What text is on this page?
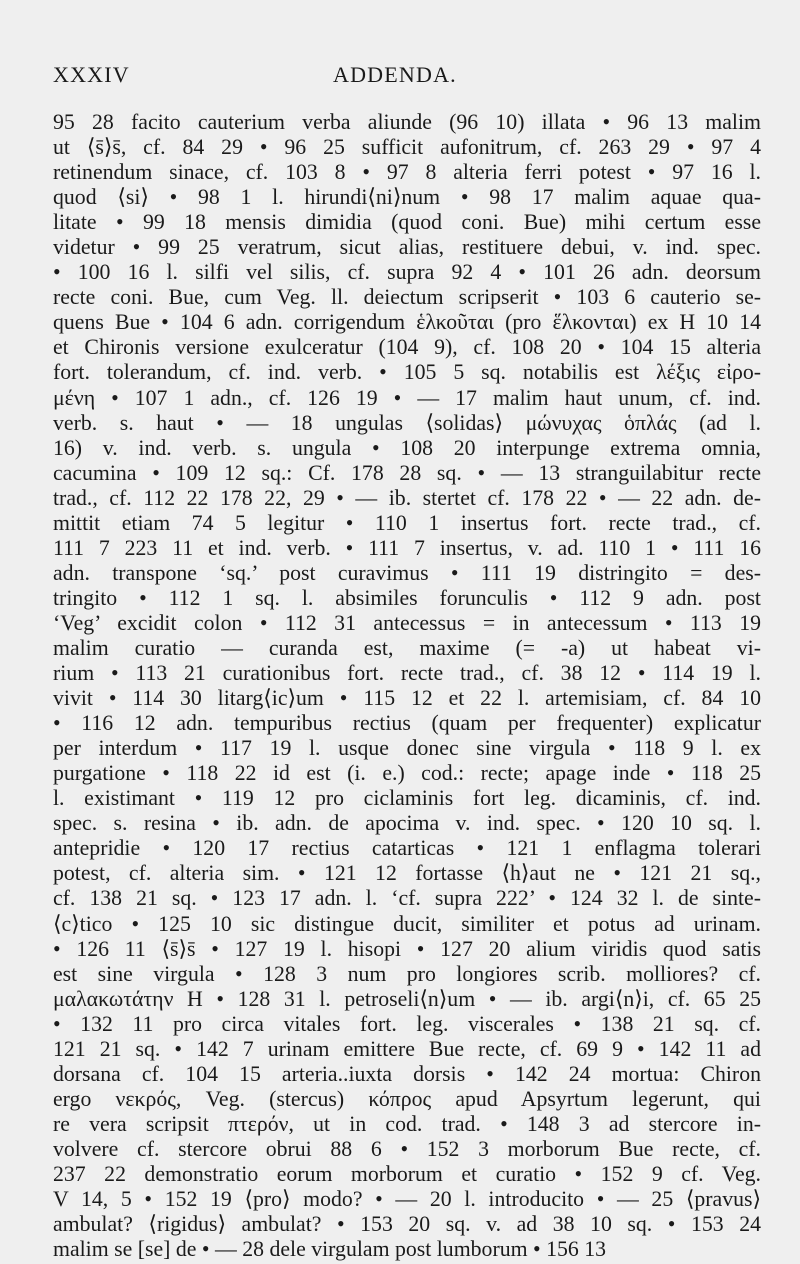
XXXIV	ADDENDA.
95 28 facito cauterium verba aliunde (96 10) illata • 96 13 malim
ut ⟨s̄⟩s̄, cf. 84 29 • 96 25 sufficit aufonitrum, cf. 263 29 • 97 4
retinendum sinace, cf. 103 8 • 97 8 alteria ferri potest • 97 16 l.
quod ⟨si⟩ • 98 1 l. hirundi⟨ni⟩num • 98 17 malim aquae qua-
litate • 99 18 mensis dimidia (quod coni. Bue) mihi certum esse
videtur • 99 25 veratrum, sicut alias, restituere debui, v. ind. spec.
• 100 16 l. silfi vel silis, cf. supra 92 4 • 101 26 adn. deorsum
recte coni. Bue, cum Veg. ll. deiectum scripserit • 103 6 cauterio se-
quens Bue • 104 6 adn. corrigendum ἑλκοῦται (pro ἕλκονται) ex H 10 14
et Chironis versione exulceratur (104 9), cf. 108 20 • 104 15 alteria
fort. tolerandum, cf. ind. verb. • 105 5 sq. notabilis est λέξις εἰρο-
μένη • 107 1 adn., cf. 126 19 • — 17 malim haut unum, cf. ind.
verb. s. haut • — 18 ungulas ⟨solidas⟩ μώνυχας ὁπλάς (ad l.
16) v. ind. verb. s. ungula • 108 20 interpunge extrema omnia,
cacumina • 109 12 sq.: Cf. 178 28 sq. • — 13 stranguilabitur recte
trad., cf. 112 22 178 22, 29 • — ib. stertet cf. 178 22 • — 22 adn. de-
mittit etiam 74 5 legitur • 110 1 insertus fort. recte trad., cf.
111 7 223 11 et ind. verb. • 111 7 insertus, v. ad. 110 1 • 111 16
adn. transpone ‘sq.’ post curavimus • 111 19 distringito = des-
tringito • 112 1 sq. l. absimiles forunculis • 112 9 adn. post
‘Veg’ excidit colon • 112 31 antecessus = in antecessum • 113 19
malim curatio — curanda est, maxime (= -a) ut habeat vi-
rium • 113 21 curationibus fort. recte trad., cf. 38 12 • 114 19 l.
vivit • 114 30 litarg⟨ic⟩um • 115 12 et 22 l. artemisiam, cf. 84 10
• 116 12 adn. tempuribus rectius (quam per frequenter) explicatur
per interdum • 117 19 l. usque donec sine virgula • 118 9 l. ex
purgatione • 118 22 id est (i. e.) cod.: recte; apage inde • 118 25
l. existimant • 119 12 pro ciclaminis fort leg. dicaminis, cf. ind.
spec. s. resina • ib. adn. de apocima v. ind. spec. • 120 10 sq. l.
antepridie • 120 17 rectius catarticas • 121 1 enflagma tolerari
potest, cf. alteria sim. • 121 12 fortasse ⟨h⟩aut ne • 121 21 sq.,
cf. 138 21 sq. • 123 17 adn. l. ‘cf. supra 222’ • 124 32 l. de sinte-
⟨c⟩tico • 125 10 sic distingue ducit, similiter et potus ad urinam.
• 126 11 ⟨s̄⟩s̄ • 127 19 l. hisopi • 127 20 alium viridis quod satis
est sine virgula • 128 3 num pro longiores scrib. molliores? cf.
μαλακωτάτην H • 128 31 l. petroseli⟨n⟩um • — ib. argi⟨n⟩i, cf. 65 25
• 132 11 pro circa vitales fort. leg. viscerales • 138 21 sq. cf.
121 21 sq. • 142 7 urinam emittere Bue recte, cf. 69 9 • 142 11 ad
dorsana cf. 104 15 arteria..iuxta dorsis • 142 24 mortua: Chiron
ergo νεκρός, Veg. (stercus) κόπρος apud Apsyrtum legerunt, qui
re vera scripsit πτερόν, ut in cod. trad. • 148 3 ad stercore in-
volvere cf. stercore obrui 88 6 • 152 3 morborum Bue recte, cf.
237 22 demonstratio eorum morborum et curatio • 152 9 cf. Veg.
V 14, 5 • 152 19 ⟨pro⟩ modo? • — 20 l. introducito • — 25 ⟨pravus⟩
ambulat? ⟨rigidus⟩ ambulat? • 153 20 sq. v. ad 38 10 sq. • 153 24
malim se [se] de • — 28 dele virgulam post lumborum • 156 13
